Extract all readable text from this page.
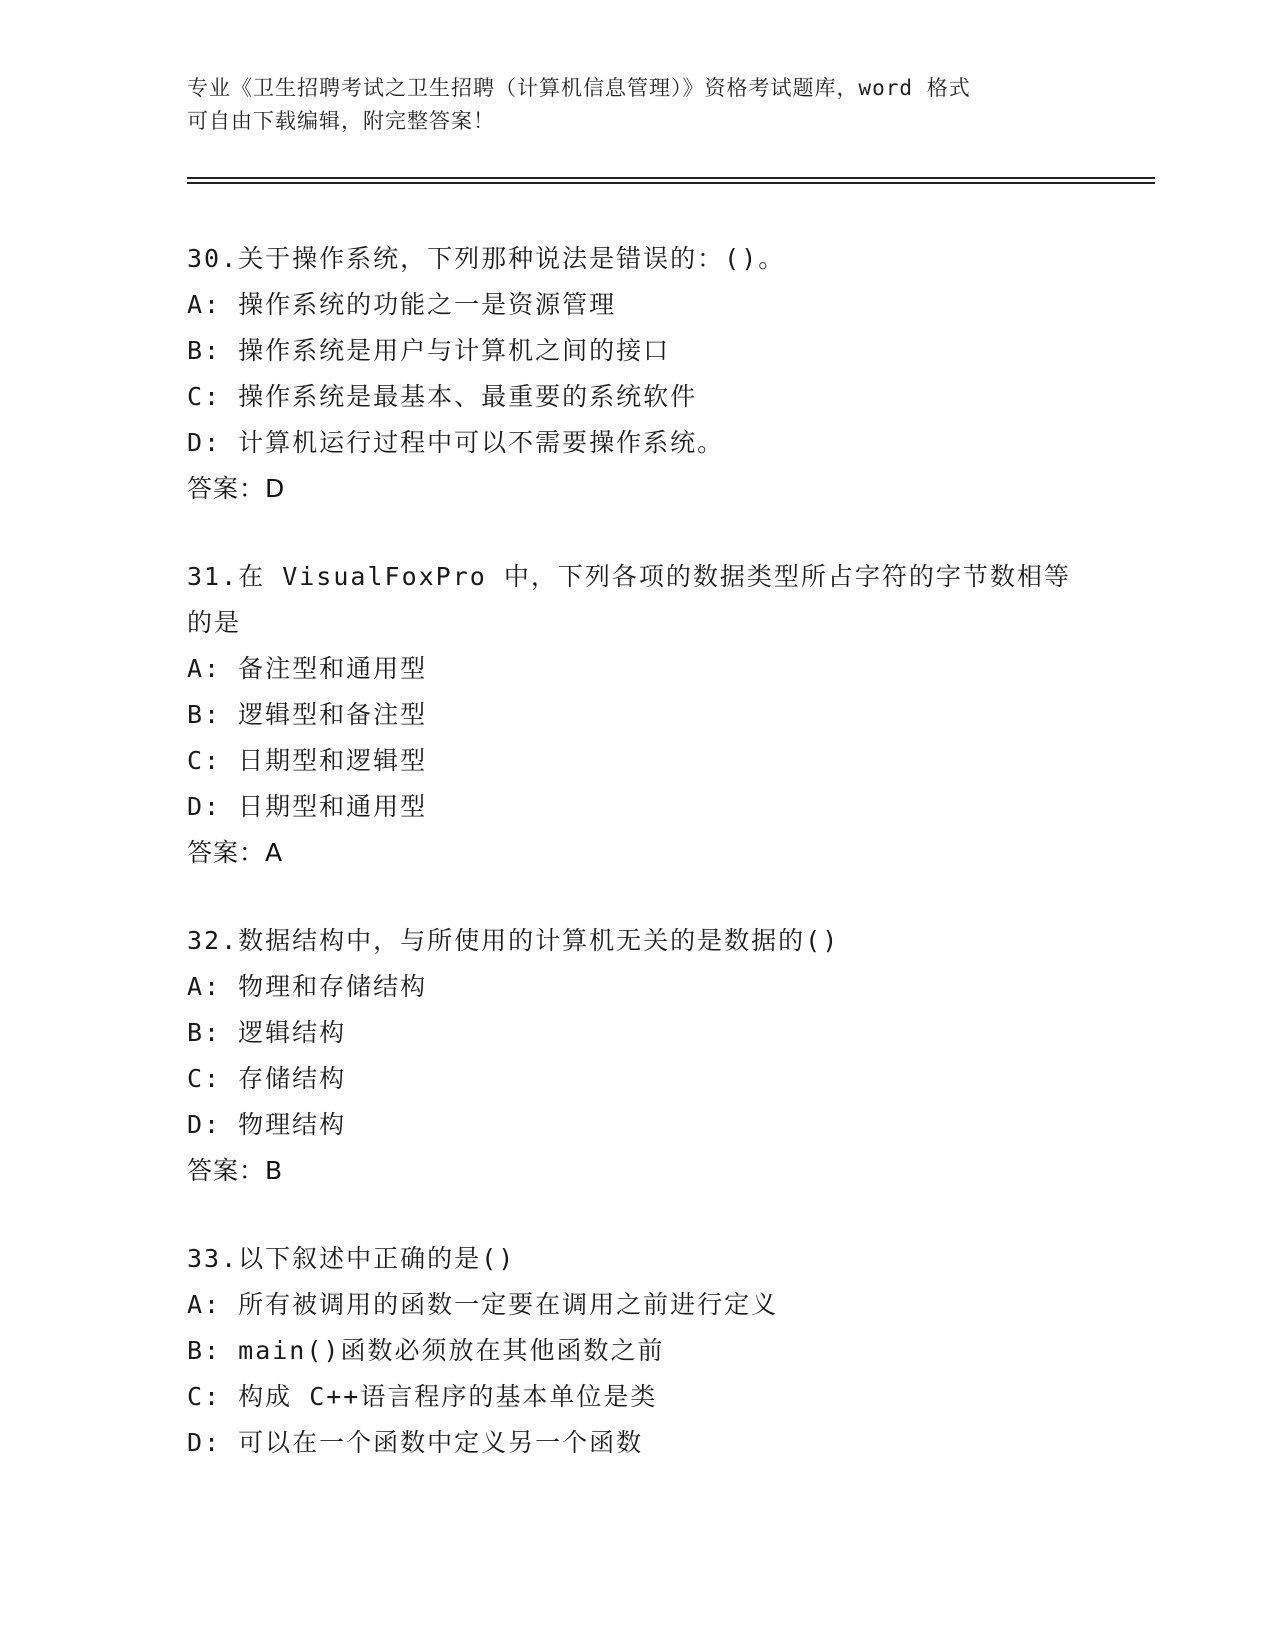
专业《卫生招聘考试之卫生招聘（计算机信息管理）》资格考试题库，word 格式
可自由下载编辑，附完整答案！
30.关于操作系统，下列那种说法是错误的：()。
A: 操作系统的功能之一是资源管理
B: 操作系统是用户与计算机之间的接口
C: 操作系统是最基本、最重要的系统软件
D: 计算机运行过程中可以不需要操作系统。
答案：D
31.在 VisualFoxPro 中，下列各项的数据类型所占字符的字节数相等
的是
A: 备注型和通用型
B: 逻辑型和备注型
C: 日期型和逻辑型
D: 日期型和通用型
答案：A
32.数据结构中，与所使用的计算机无关的是数据的()
A: 物理和存储结构
B: 逻辑结构
C: 存储结构
D: 物理结构
答案：B
33.以下叙述中正确的是()
A: 所有被调用的函数一定要在调用之前进行定义
B: main()函数必须放在其他函数之前
C: 构成 C++语言程序的基本单位是类
D: 可以在一个函数中定义另一个函数
